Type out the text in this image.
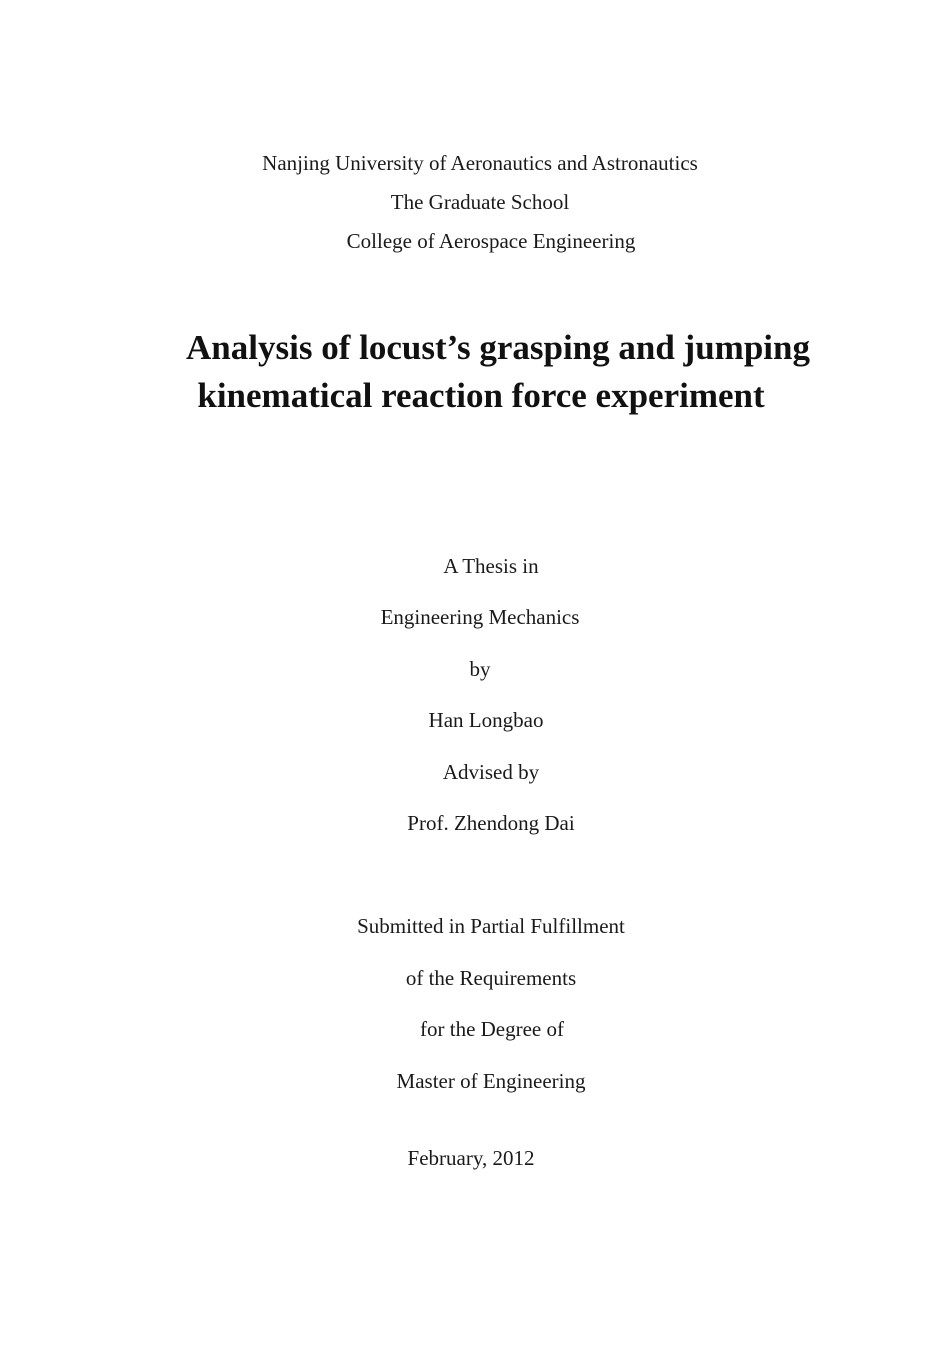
Nanjing University of Aeronautics and Astronautics
The Graduate School
College of Aerospace Engineering
Analysis of locust’s grasping and jumping
kinematical reaction force experiment
A Thesis in
Engineering Mechanics
by
Han Longbao
Advised by
Prof. Zhendong Dai
Submitted in Partial Fulfillment
of the Requirements
for the Degree of
Master of Engineering
February, 2012
